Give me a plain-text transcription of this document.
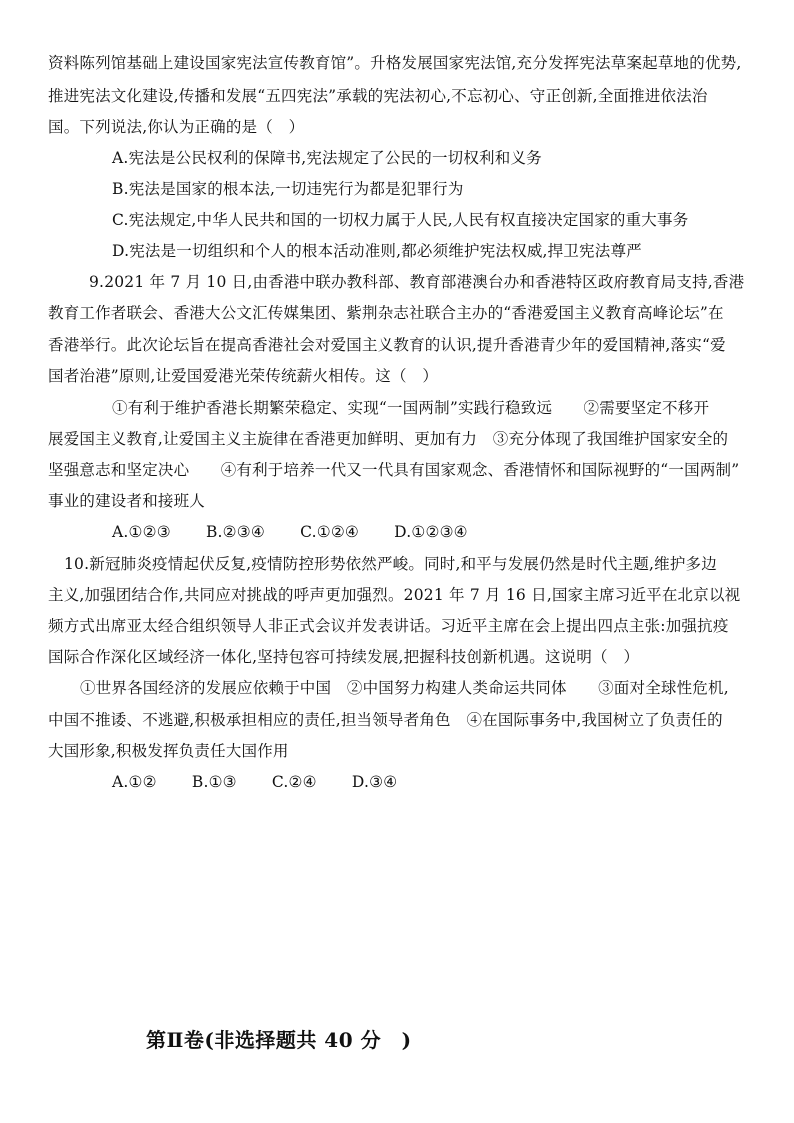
资料陈列馆基础上建设国家宪法宣传教育馆”。升格发展国家宪法馆,充分发挥宪法草案起草地的优势,
推进宪法文化建设,传播和发展“五四宪法”承载的宪法初心,不忘初心、守正创新,全面推进依法治
国。下列说法,你认为正确的是（　）
A.宪法是公民权利的保障书,宪法规定了公民的一切权利和义务
B.宪法是国家的根本法,一切违宪行为都是犯罪行为
C.宪法规定,中华人民共和国的一切权力属于人民,人民有权直接决定国家的重大事务
D.宪法是一切组织和个人的根本活动准则,都必须维护宪法权威,捍卫宪法尊严
9.2021 年 7 月 10 日,由香港中联办教科部、教育部港澳台办和香港特区政府教育局支持,香港
教育工作者联会、香港大公文汇传媒集团、紫荆杂志社联合主办的“香港爱国主义教育高峰论坛”在
香港举行。此次论坛旨在提高香港社会对爱国主义教育的认识,提升香港青少年的爱国精神,落实“爱
国者治港”原则,让爱国爱港光荣传统薪火相传。这（　）
①有利于维护香港长期繁荣稳定、实现“一国两制”实践行稳致远　　②需要坚定不移开
展爱国主义教育,让爱国主义主旋律在香港更加鲜明、更加有力　③充分体现了我国维护国家安全的
坚强意志和坚定决心　　④有利于培养一代又一代具有国家观念、香港情怀和国际视野的“一国两制”
事业的建设者和接班人
A.①②③ B.②③④ C.①②④ D.①②③④
10.新冠肺炎疫情起伏反复,疫情防控形势依然严峻。同时,和平与发展仍然是时代主题,维护多边
主义,加强团结合作,共同应对挑战的呼声更加强烈。2021 年 7 月 16 日,国家主席习近平在北京以视
频方式出席亚太经合组织领导人非正式会议并发表讲话。习近平主席在会上提出四点主张:加强抗疫
国际合作深化区域经济一体化,坚持包容可持续发展,把握科技创新机遇。这说明（　）
①世界各国经济的发展应依赖于中国　②中国努力构建人类命运共同体　　③面对全球性危机,
中国不推诿、不逃避,积极承担相应的责任,担当领导者角色　④在国际事务中,我国树立了负责任的
大国形象,积极发挥负责任大国作用
A.①② B.①③ C.②④ D.③④
第Ⅱ卷(非选择题共 40 分　)
